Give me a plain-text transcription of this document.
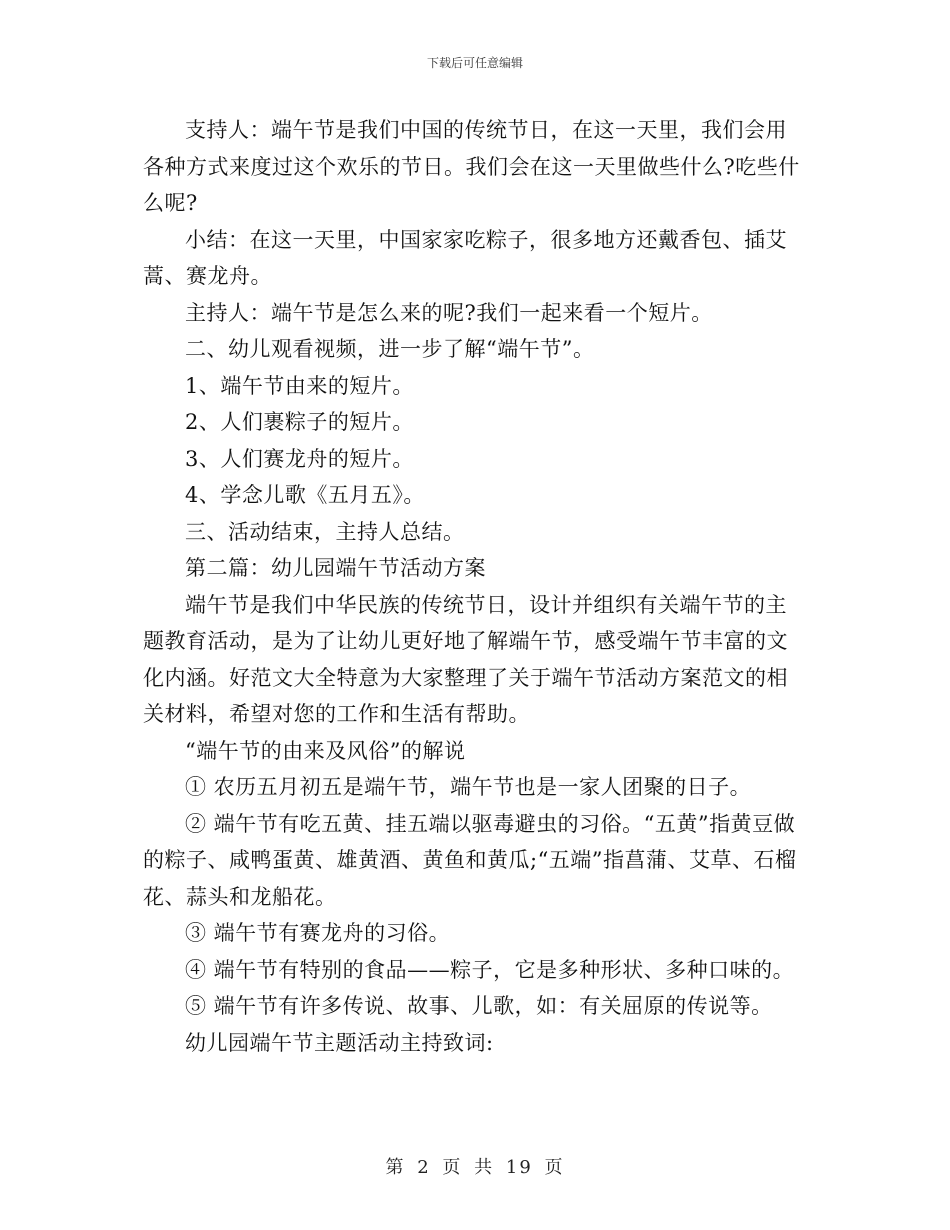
下载后可任意编辑

支持人：端午节是我们中国的传统节日，在这一天里，我们会用各种方式来度过这个欢乐的节日。我们会在这一天里做些什么?吃些什么呢?

小结：在这一天里，中国家家吃粽子，很多地方还戴香包、插艾蒿、赛龙舟。

主持人：端午节是怎么来的呢?我们一起来看一个短片。

二、幼儿观看视频，进一步了解“端午节”。

1、端午节由来的短片。

2、人们裹粽子的短片。

3、人们赛龙舟的短片。

4、学念儿歌《五月五》。

三、活动结束，主持人总结。

第二篇：幼儿园端午节活动方案

端午节是我们中华民族的传统节日，设计并组织有关端午节的主题教育活动，是为了让幼儿更好地了解端午节，感受端午节丰富的文化内涵。好范文大全特意为大家整理了关于端午节活动方案范文的相关材料，希望对您的工作和生活有帮助。

“端午节的由来及风俗”的解说

① 农历五月初五是端午节，端午节也是一家人团聚的日子。

② 端午节有吃五黄、挂五端以驱毒避虫的习俗。“五黄”指黄豆做的粽子、咸鸭蛋黄、雄黄酒、黄鱼和黄瓜;“五端”指菖蒲、艾草、石榴花、蒜头和龙船花。

③ 端午节有赛龙舟的习俗。

④ 端午节有特别的食品——粽子，它是多种形状、多种口味的。

⑤ 端午节有许多传说、故事、儿歌，如：有关屈原的传说等。

幼儿园端午节主题活动主持致词:

第 2 页 共 19 页
